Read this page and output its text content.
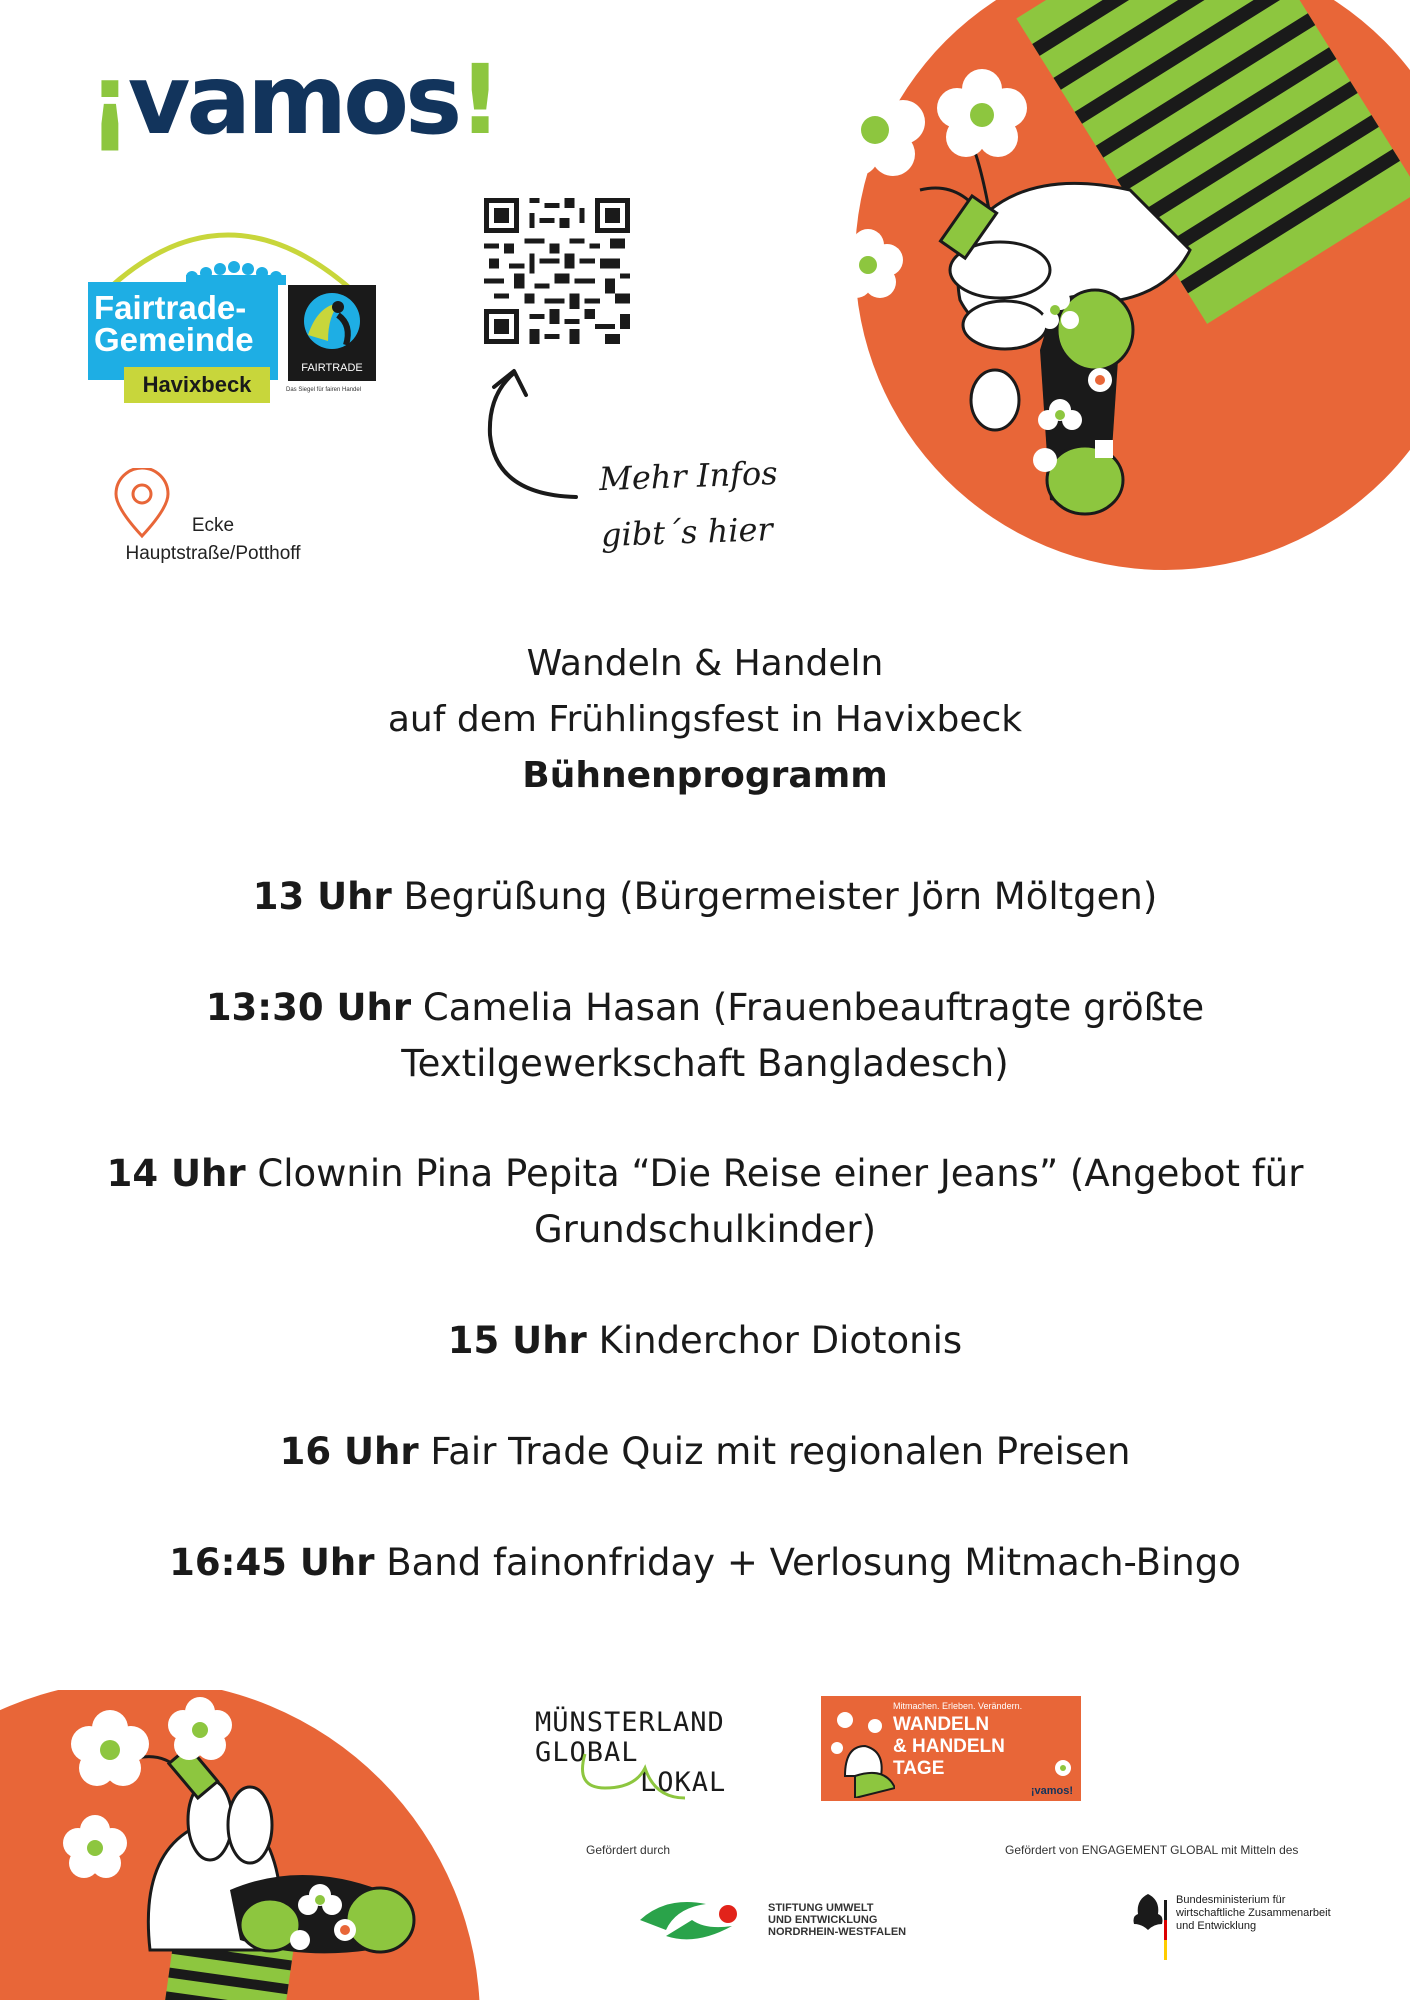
¡vamos!
Fairtrade-
Gemeinde
Havixbeck
FAIRTRADE
Das Siegel für fairen Handel
Mehr Infos
gibt´s hier
Ecke
Hauptstraße/Potthoff
Wandeln & Handeln
auf dem Frühlingsfest in Havixbeck
Bühnenprogramm
13 Uhr Begrüßung (Bürgermeister Jörn Möltgen)
13:30 Uhr Camelia Hasan (Frauenbeauftragte größte Textilgewerkschaft Bangladesch)
14 Uhr Clownin Pina Pepita “Die Reise einer Jeans” (Angebot für Grundschulkinder)
15 Uhr Kinderchor Diotonis
16 Uhr Fair Trade Quiz mit regionalen Preisen
16:45 Uhr Band fainonfriday + Verlosung Mitmach-Bingo
MÜNSTERLAND
GLOBAL
LOKAL
Mitmachen. Erleben. Verändern.
WANDELN
& HANDELN
TAGE
¡vamos!
Gefördert durch	Gefördert von ENGAGEMENT GLOBAL mit Mitteln des
STIFTUNG UMWELT
UND ENTWICKLUNG
NORDRHEIN-WESTFALEN
Bundesministerium für
wirtschaftliche Zusammenarbeit
und Entwicklung
